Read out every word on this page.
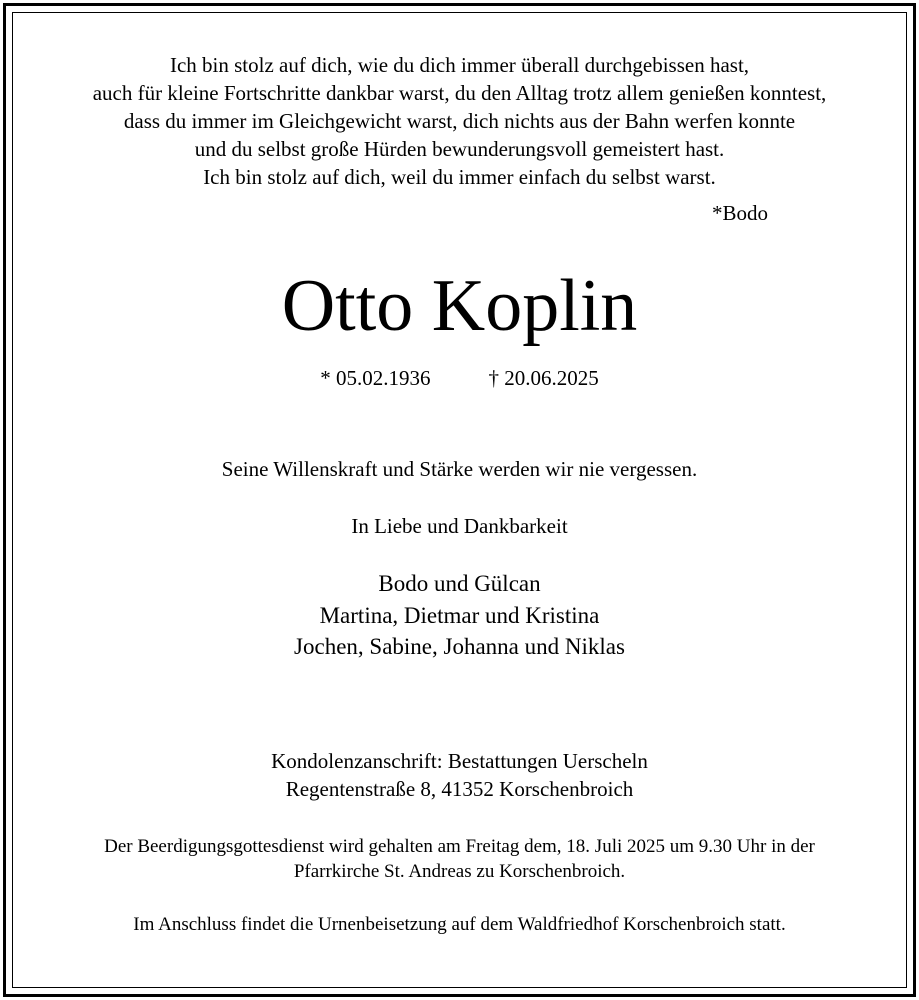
Ich bin stolz auf dich, wie du dich immer überall durchgebissen hast,
auch für kleine Fortschritte dankbar warst, du den Alltag trotz allem genießen konntest,
dass du immer im Gleichgewicht warst, dich nichts aus der Bahn werfen konnte
und du selbst große Hürden bewunderungsvoll gemeistert hast.
Ich bin stolz auf dich, weil du immer einfach du selbst warst.
*Bodo
Otto Koplin
* 05.02.1936	† 20.06.2025
Seine Willenskraft und Stärke werden wir nie vergessen.
In Liebe und Dankbarkeit
Bodo und Gülcan
Martina, Dietmar und Kristina
Jochen, Sabine, Johanna und Niklas
Kondolenzanschrift: Bestattungen Uerscheln
Regentenstraße 8, 41352 Korschenbroich
Der Beerdigungsgottesdienst wird gehalten am Freitag dem, 18. Juli 2025 um 9.30 Uhr in der
Pfarrkirche St. Andreas zu Korschenbroich.
Im Anschluss findet die Urnenbeisetzung auf dem Waldfriedhof Korschenbroich statt.
